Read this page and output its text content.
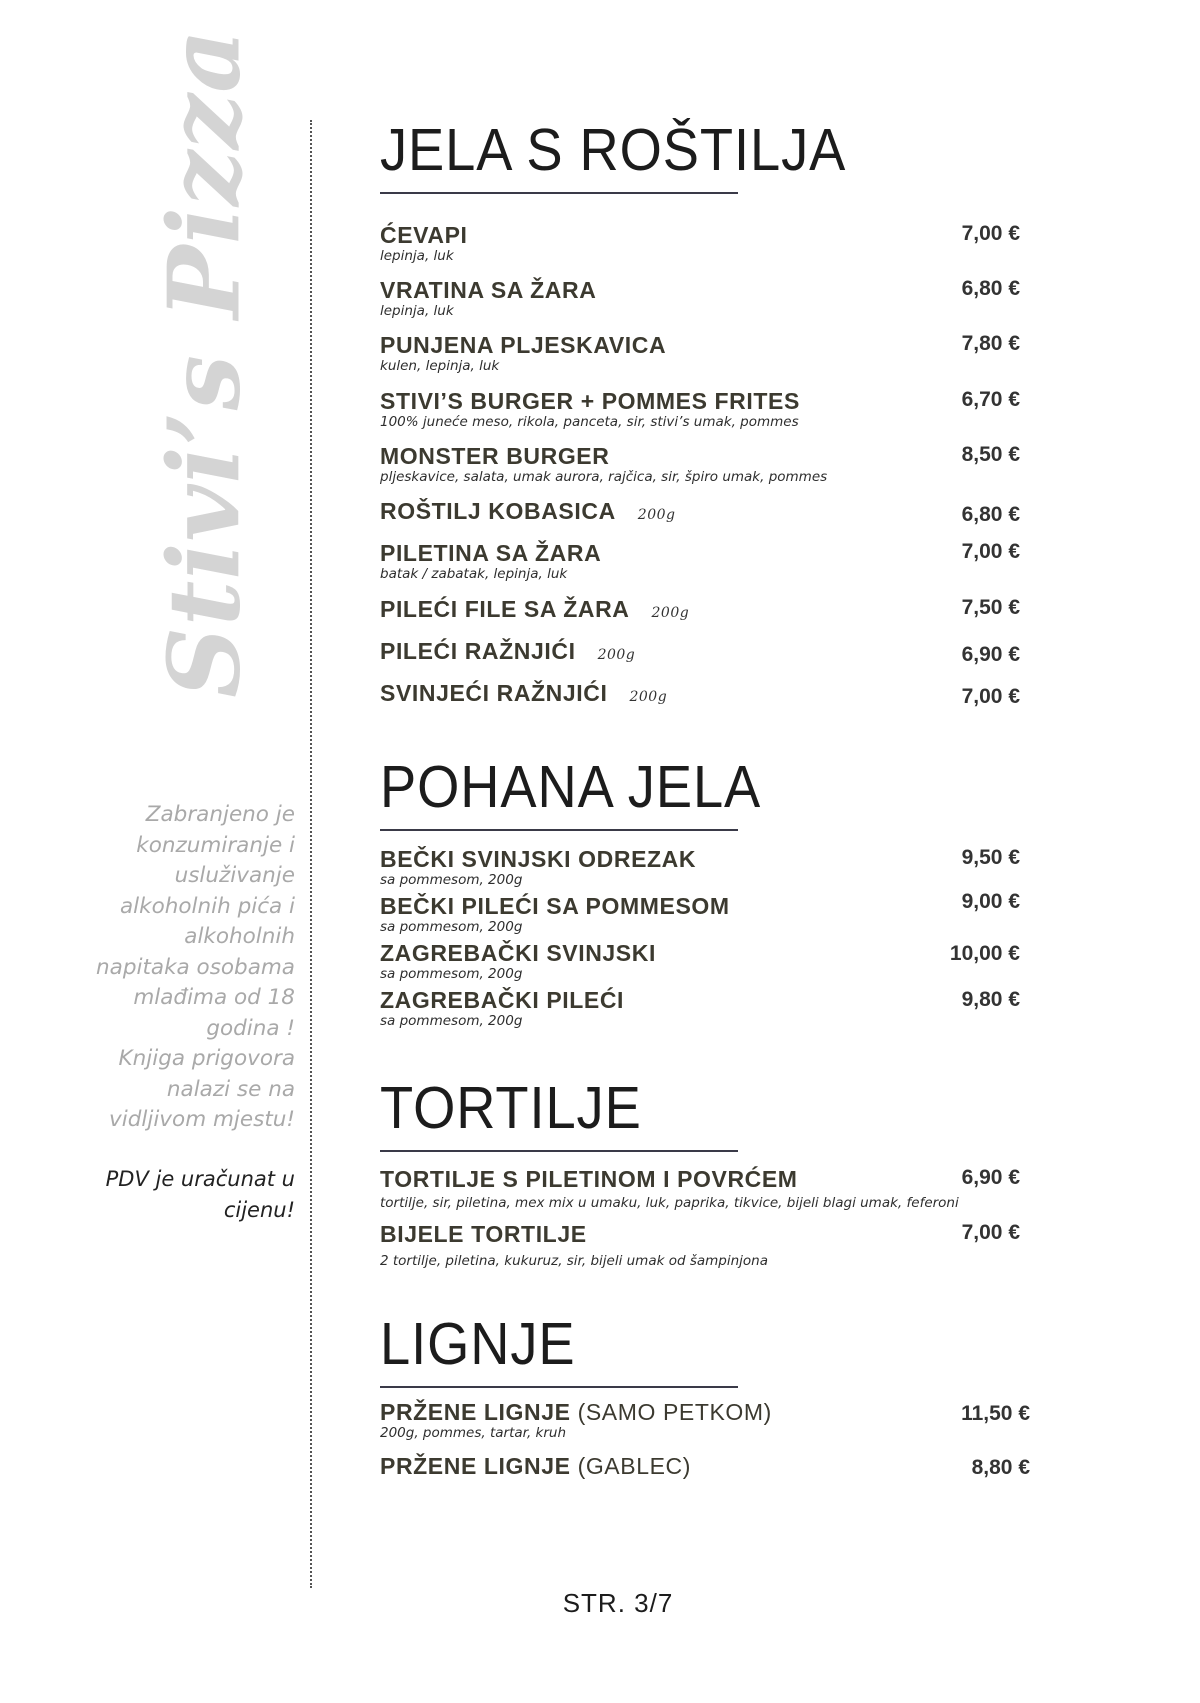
Stivi’s Pizza
Zabranjeno je
konzumiranje i
usluživanje
alkoholnih pića i
alkoholnih
napitaka osobama
mlađima od 18
godina !
Knjiga prigovora
nalazi se na
vidljivom mjestu!
PDV je uračunat u
cijenu!
JELA S ROŠTILJA
ĆEVAPI
lepinja, luk
7,00 €
VRATINA SA ŽARA
lepinja, luk
6,80 €
PUNJENA PLJESKAVICA
kulen, lepinja, luk
7,80 €
STIVI’S BURGER + POMMES FRITES
100% juneće meso, rikola, panceta, sir, stivi’s umak, pommes
6,70 €
MONSTER BURGER
pljeskavice, salata, umak aurora, rajčica, sir, špiro umak, pommes
8,50 €
ROŠTILJ KOBASICA 200g	6,80 €
PILETINA SA ŽARA
batak / zabatak, lepinja, luk
7,00 €
PILEĆI FILE SA ŽARA 200g	7,50 €
PILEĆI RAŽNJIĆI 200g	6,90 €
SVINJEĆI RAŽNJIĆI 200g	7,00 €
POHANA JELA
BEČKI SVINJSKI ODREZAK
sa pommesom, 200g
9,50 €
BEČKI PILEĆI SA POMMESOM
sa pommesom, 200g
9,00 €
ZAGREBAČKI SVINJSKI
sa pommesom, 200g
10,00 €
ZAGREBAČKI PILEĆI
sa pommesom, 200g
9,80 €
TORTILJE
TORTILJE S PILETINOM I POVRĆEM
tortilje, sir, piletina, mex mix u umaku, luk, paprika, tikvice, bijeli blagi umak, feferoni
6,90 €
BIJELE TORTILJE
2 tortilje, piletina, kukuruz, sir, bijeli umak od šampinjona
7,00 €
LIGNJE
PRŽENE LIGNJE (SAMO PETKOM)
200g, pommes, tartar, kruh
11,50 €
PRŽENE LIGNJE (GABLEC)	8,80 €
STR. 3/7
